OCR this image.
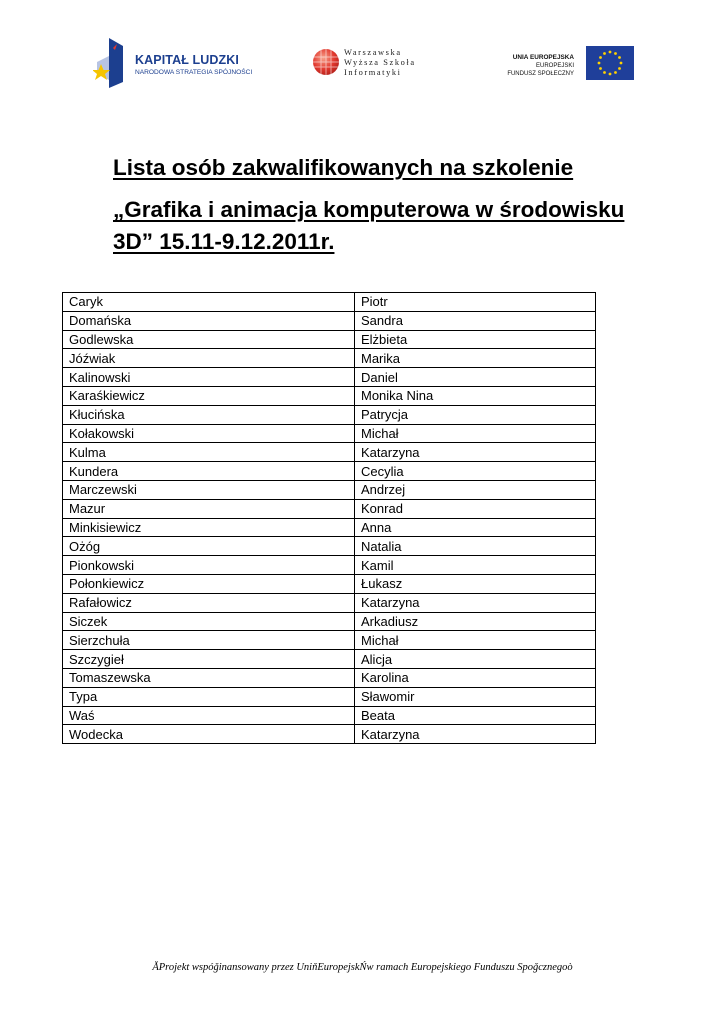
KAPITAŁ LUDZKI
NARODOWA STRATEGIA SPÓJNOŚCI
Warszawska
Wyższa Szkoła
Informatyki
UNIA EUROPEJSKA
EUROPEJSKI
FUNDUSZ SPOŁECZNY
Lista osób zakwalifikowanych na szkolenie
„Grafika i animacja komputerowa w środowisku
3D” 15.11-9.12.2011r.
Caryk	Piotr
Domańska	Sandra
Godlewska	Elżbieta
Jóźwiak	Marika
Kalinowski	Daniel
Karaśkiewicz	Monika Nina
Kłucińska	Patrycja
Kołakowski	Michał
Kulma	Katarzyna
Kundera	Cecylia
Marczewski	Andrzej
Mazur	Konrad
Minkisiewicz	Anna
Ożóg	Natalia
Pionkowski	Kamil
Połonkiewicz	Łukasz
Rafałowicz	Katarzyna
Siczek	Arkadiusz
Sierzchuła	Michał
Szczygieł	Alicja
Tomaszewska	Karolina
Typa	Sławomir
Waś	Beata
Wodecka	Katarzyna
ĂProjekt wspóǧinansowany przez UniňEuropejskŃw ramach Europejskiego Funduszu Spoǧcznegoò
